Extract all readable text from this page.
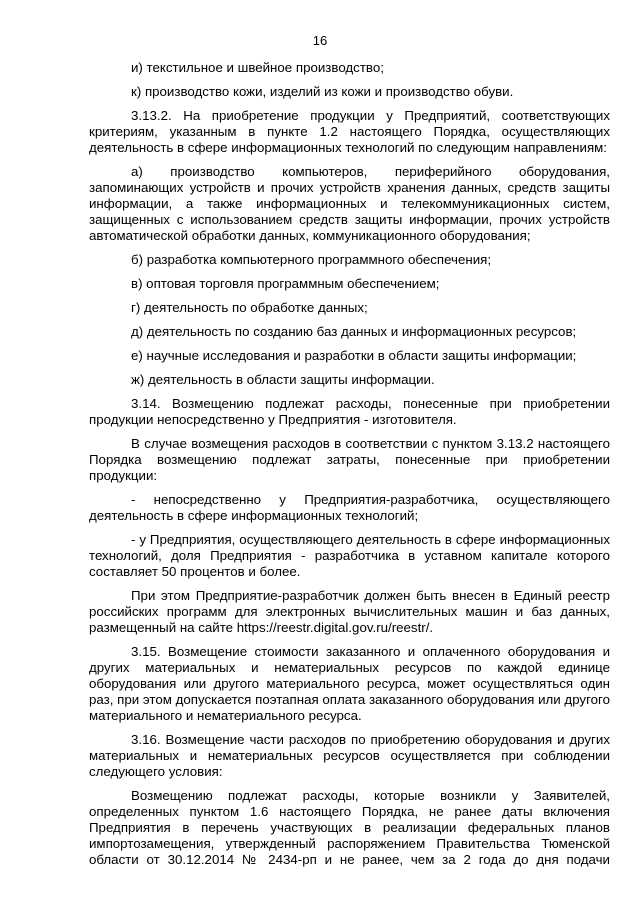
16

и) текстильное и швейное производство;

к) производство кожи, изделий из кожи и производство обуви.

3.13.2. На приобретение продукции у Предприятий, соответствующих критериям, указанным в пункте 1.2 настоящего Порядка, осуществляющих деятельность в сфере информационных технологий по следующим направлениям:

а) производство компьютеров, периферийного оборудования, запоминающих устройств и прочих устройств хранения данных, средств защиты информации, а также информационных и телекоммуникационных систем, защищенных с использованием средств защиты информации, прочих устройств автоматической обработки данных, коммуникационного оборудования;

б) разработка компьютерного программного обеспечения;

в) оптовая торговля программным обеспечением;

г) деятельность по обработке данных;

д) деятельность по созданию баз данных и информационных ресурсов;

е) научные исследования и разработки в области защиты информации;

ж) деятельность в области защиты информации.

3.14. Возмещению подлежат расходы, понесенные при приобретении продукции непосредственно у Предприятия - изготовителя.

В случае возмещения расходов в соответствии с пунктом 3.13.2 настоящего Порядка возмещению подлежат затраты, понесенные при приобретении продукции:

- непосредственно у Предприятия-разработчика, осуществляющего деятельность в сфере информационных технологий;

- у Предприятия, осуществляющего деятельность в сфере информационных технологий, доля Предприятия - разработчика в уставном капитале которого составляет 50 процентов и более.

При этом Предприятие-разработчик должен быть внесен в Единый реестр российских программ для электронных вычислительных машин и баз данных, размещенный на сайте https://reestr.digital.gov.ru/reestr/.

3.15. Возмещение стоимости заказанного и оплаченного оборудования и других материальных и нематериальных ресурсов по каждой единице оборудования или другого материального ресурса, может осуществляться один раз, при этом допускается поэтапная оплата заказанного оборудования или другого материального и нематериального ресурса.

3.16. Возмещение части расходов по приобретению оборудования и других материальных и нематериальных ресурсов осуществляется при соблюдении следующего условия:

Возмещению подлежат расходы, которые возникли у Заявителей, определенных пунктом 1.6 настоящего Порядка, не ранее даты включения Предприятия в перечень участвующих в реализации федеральных планов импортозамещения, утвержденный распоряжением Правительства Тюменской области от 30.12.2014 № 2434-рп и не ранее, чем за 2 года до дня подачи
